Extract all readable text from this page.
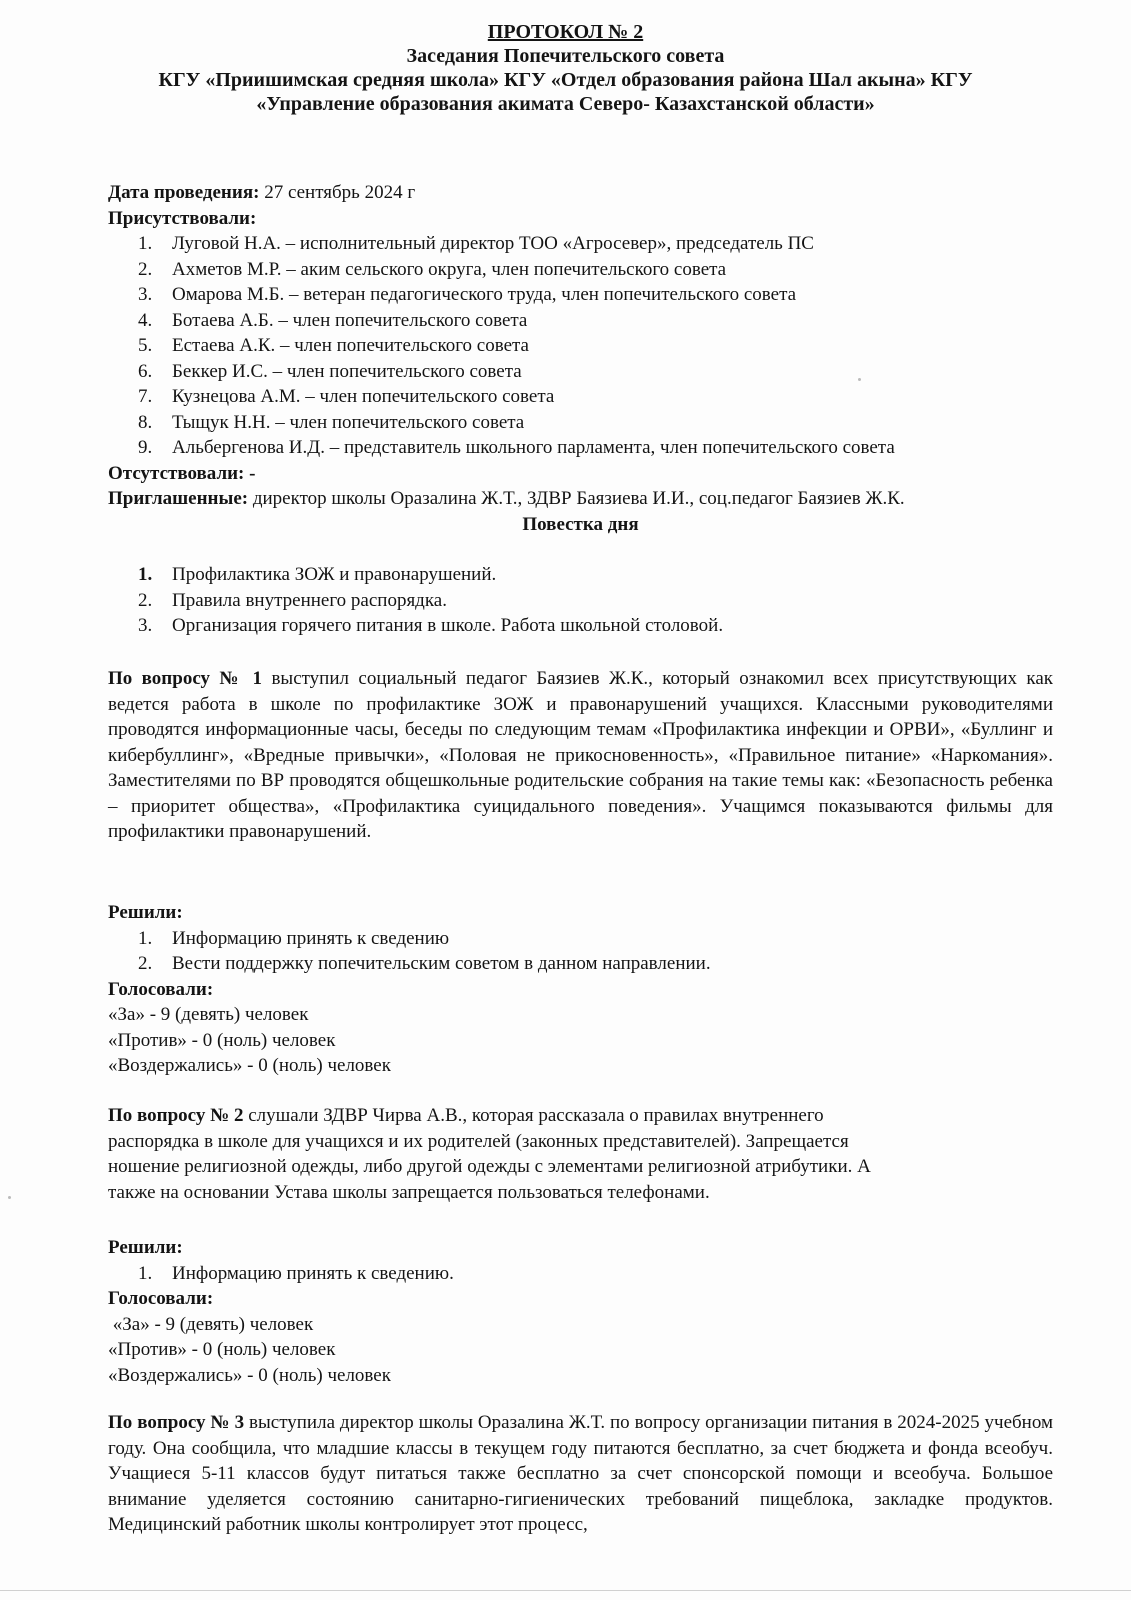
ПРОТОКОЛ № 2
Заседания Попечительского совета
КГУ «Приишимская средняя школа» КГУ «Отдел образования района Шал акына» КГУ
«Управление образования акимата Северо- Казахстанской области»
Дата проведения: 27 сентябрь 2024 г
Присутствовали:
1.	Луговой Н.А. – исполнительный директор ТОО «Агросевер», председатель ПС
2.	Ахметов М.Р. – аким сельского округа, член попечительского совета
3.	Омарова М.Б. – ветеран педагогического труда, член попечительского совета
4.	Ботаева А.Б. – член попечительского совета
5.	Естаева А.К. – член попечительского совета
6.	Беккер И.С. – член попечительского совета
7.	Кузнецова А.М. – член попечительского совета
8.	Тыщук Н.Н. – член попечительского совета
9.	Альбергенова И.Д. – представитель школьного парламента, член попечительского совета
Отсутствовали: -
Приглашенные: директор школы Оразалина Ж.Т., ЗДВР Баязиева И.И., соц.педагог Баязиев Ж.К.
Повестка дня
1.	Профилактика ЗОЖ и правонарушений.
2.	Правила внутреннего распорядка.
3.	Организация горячего питания в школе. Работа школьной столовой.
По вопросу № 1 выступил социальный педагог Баязиев Ж.К., который ознакомил всех присутствующих как ведется работа в школе по профилактике ЗОЖ и правонарушений учащихся. Классными руководителями проводятся информационные часы, беседы по следующим темам «Профилактика инфекции и ОРВИ», «Буллинг и кибербуллинг», «Вредные привычки», «Половая не прикосновенность», «Правильное питание» «Наркомания». Заместителями по ВР проводятся общешкольные родительские собрания на такие темы как: «Безопасность ребенка – приоритет общества», «Профилактика суицидального поведения». Учащимся показываются фильмы для профилактики правонарушений.
Решили:
1.	Информацию принять к сведению
2.	Вести поддержку попечительским советом в данном направлении.
Голосовали:
«За» - 9 (девять) человек
«Против» - 0 (ноль) человек
«Воздержались» - 0 (ноль) человек
По вопросу № 2 слушали ЗДВР Чирва А.В., которая рассказала о правилах внутреннего
распорядка в школе для учащихся и их родителей (законных представителей). Запрещается
ношение религиозной одежды, либо другой одежды с элементами религиозной атрибутики. А
также на основании Устава школы запрещается пользоваться телефонами.
Решили:
1.	Информацию принять к сведению.
Голосовали:
«За» - 9 (девять) человек
«Против» - 0 (ноль) человек
«Воздержались» - 0 (ноль) человек
По вопросу № 3 выступила директор школы Оразалина Ж.Т. по вопросу организации питания в 2024-2025 учебном году. Она сообщила, что младшие классы в текущем году питаются бесплатно, за счет бюджета и фонда всеобуч. Учащиеся 5-11 классов будут питаться также бесплатно за счет спонсорской помощи и всеобуча. Большое внимание уделяется состоянию санитарно-гигиенических требований пищеблока, закладке продуктов. Медицинский работник школы контролирует этот процесс,
